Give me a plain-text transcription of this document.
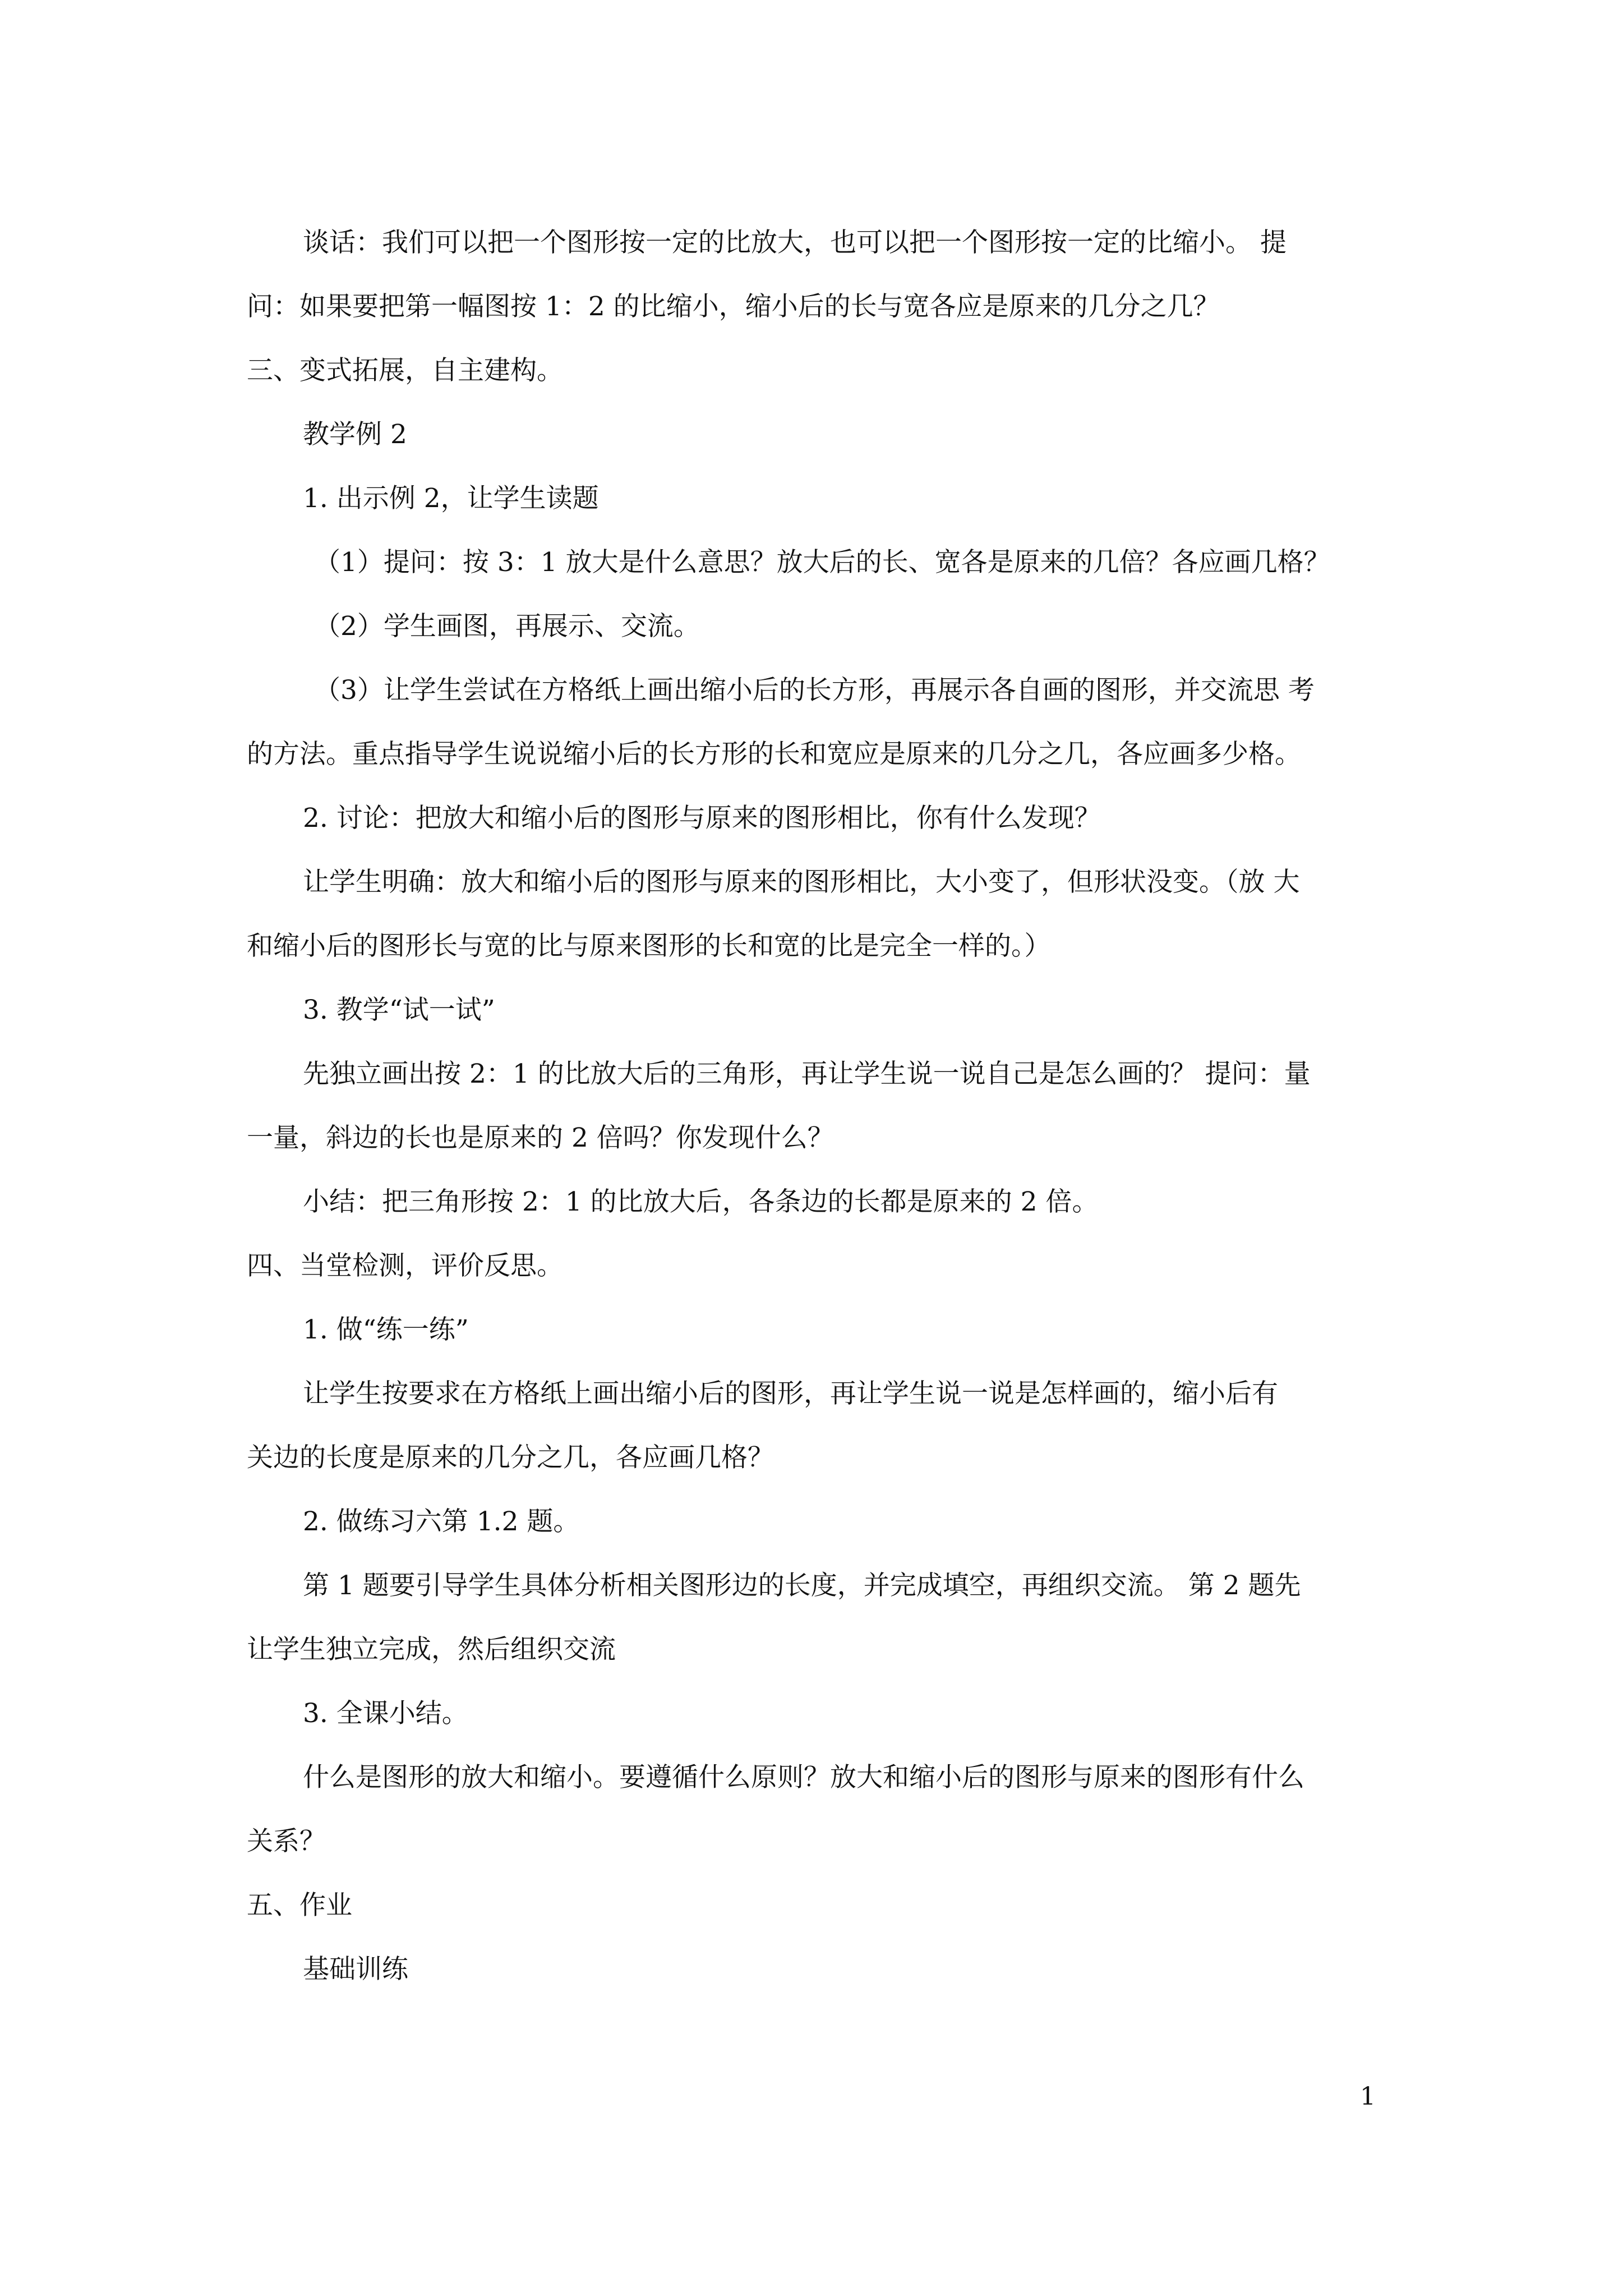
谈话：我们可以把一个图形按一定的比放大，也可以把一个图形按一定的比缩小。 提
问：如果要把第一幅图按 1：2 的比缩小，缩小后的长与宽各应是原来的几分之几？
三、变式拓展，自主建构。
教学例 2
1. 出示例 2，让学生读题
（1）提问：按 3：1 放大是什么意思？放大后的长、宽各是原来的几倍？各应画几格？
（2）学生画图，再展示、交流。
（3）让学生尝试在方格纸上画出缩小后的长方形，再展示各自画的图形，并交流思 考
的方法。重点指导学生说说缩小后的长方形的长和宽应是原来的几分之几，各应画多少格。
2. 讨论：把放大和缩小后的图形与原来的图形相比，你有什么发现？
让学生明确：放大和缩小后的图形与原来的图形相比，大小变了，但形状没变。（放 大
和缩小后的图形长与宽的比与原来图形的长和宽的比是完全一样的。）
3. 教学“试一试”
先独立画出按 2：1 的比放大后的三角形，再让学生说一说自己是怎么画的？ 提问：量
一量，斜边的长也是原来的 2 倍吗？你发现什么？
小结：把三角形按 2：1 的比放大后，各条边的长都是原来的 2 倍。
四、当堂检测，评价反思。
1. 做“练一练”
让学生按要求在方格纸上画出缩小后的图形，再让学生说一说是怎样画的，缩小后有
关边的长度是原来的几分之几，各应画几格？
2. 做练习六第 1.2 题。
第 1 题要引导学生具体分析相关图形边的长度，并完成填空，再组织交流。 第 2 题先
让学生独立完成，然后组织交流
3. 全课小结。
什么是图形的放大和缩小。要遵循什么原则？放大和缩小后的图形与原来的图形有什么
关系？
五、作业
基础训练
1
